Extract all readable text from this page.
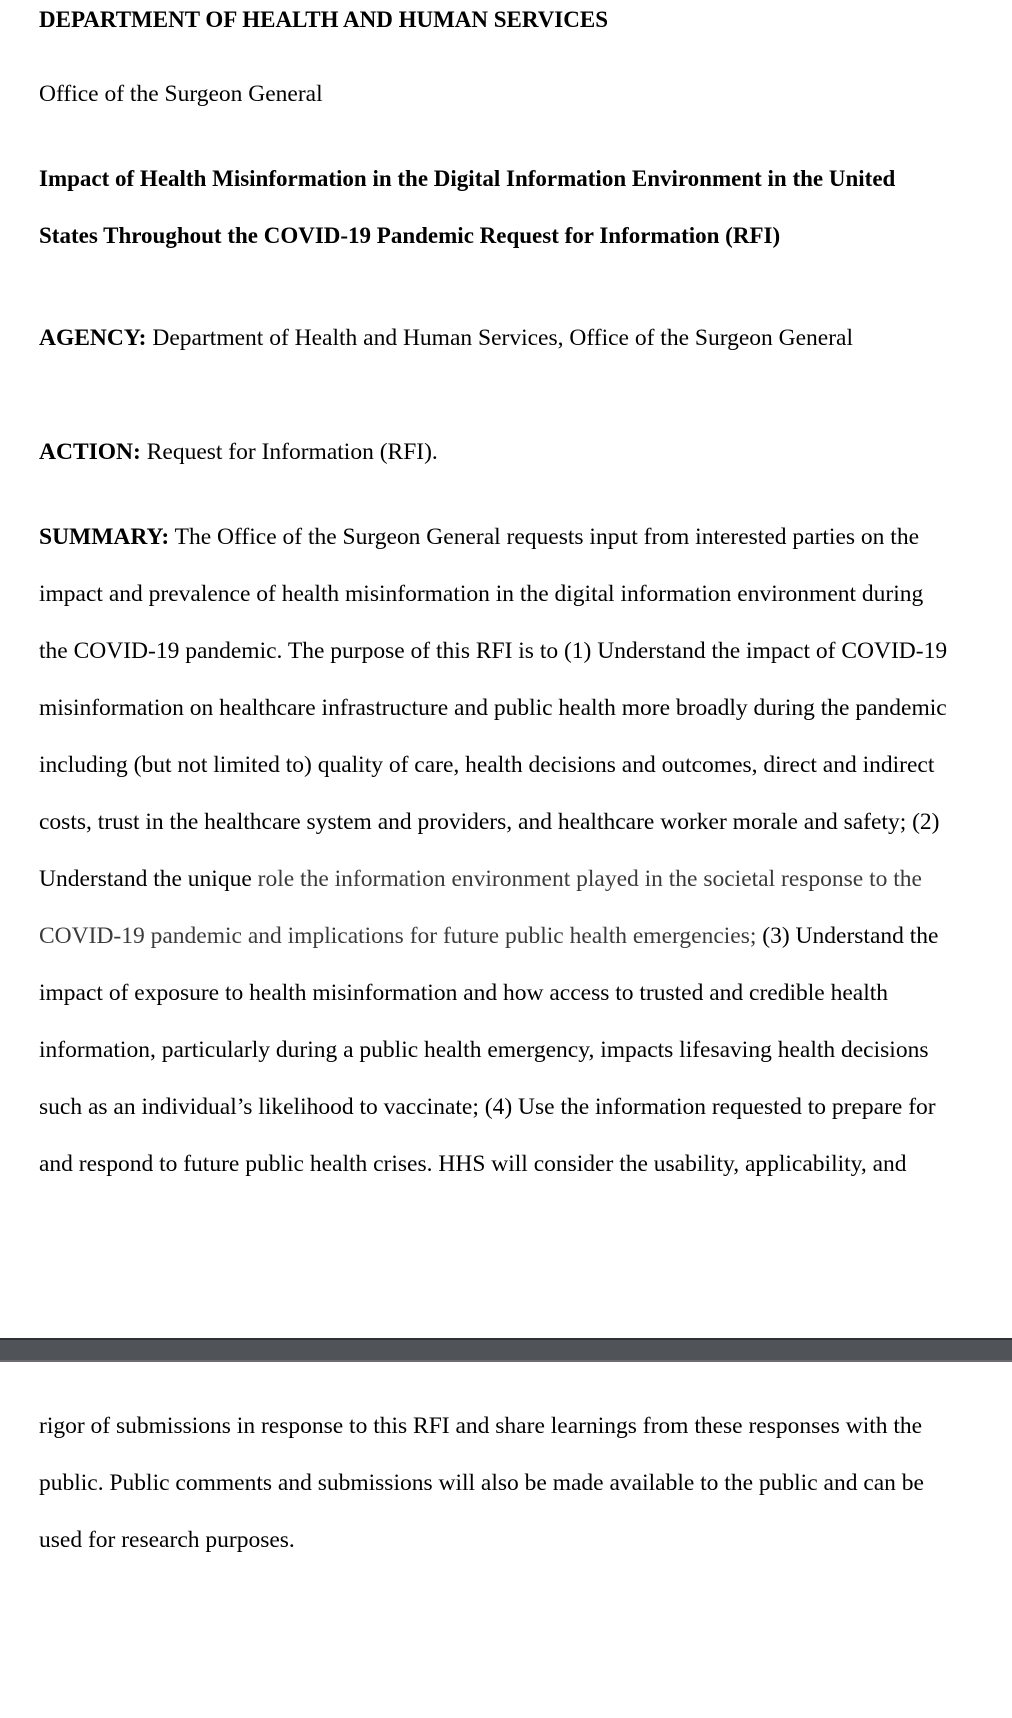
DEPARTMENT OF HEALTH AND HUMAN SERVICES

Office of the Surgeon General

Impact of Health Misinformation in the Digital Information Environment in the United
States Throughout the COVID-19 Pandemic Request for Information (RFI)

AGENCY: Department of Health and Human Services, Office of the Surgeon General

ACTION: Request for Information (RFI).

SUMMARY: The Office of the Surgeon General requests input from interested parties on the
impact and prevalence of health misinformation in the digital information environment during
the COVID-19 pandemic. The purpose of this RFI is to (1) Understand the impact of COVID-19
misinformation on healthcare infrastructure and public health more broadly during the pandemic
including (but not limited to) quality of care, health decisions and outcomes, direct and indirect
costs, trust in the healthcare system and providers, and healthcare worker morale and safety; (2)
Understand the unique role the information environment played in the societal response to the
COVID-19 pandemic and implications for future public health emergencies; (3) Understand the
impact of exposure to health misinformation and how access to trusted and credible health
information, particularly during a public health emergency, impacts lifesaving health decisions
such as an individual’s likelihood to vaccinate; (4) Use the information requested to prepare for
and respond to future public health crises. HHS will consider the usability, applicability, and

rigor of submissions in response to this RFI and share learnings from these responses with the
public. Public comments and submissions will also be made available to the public and can be
used for research purposes.
